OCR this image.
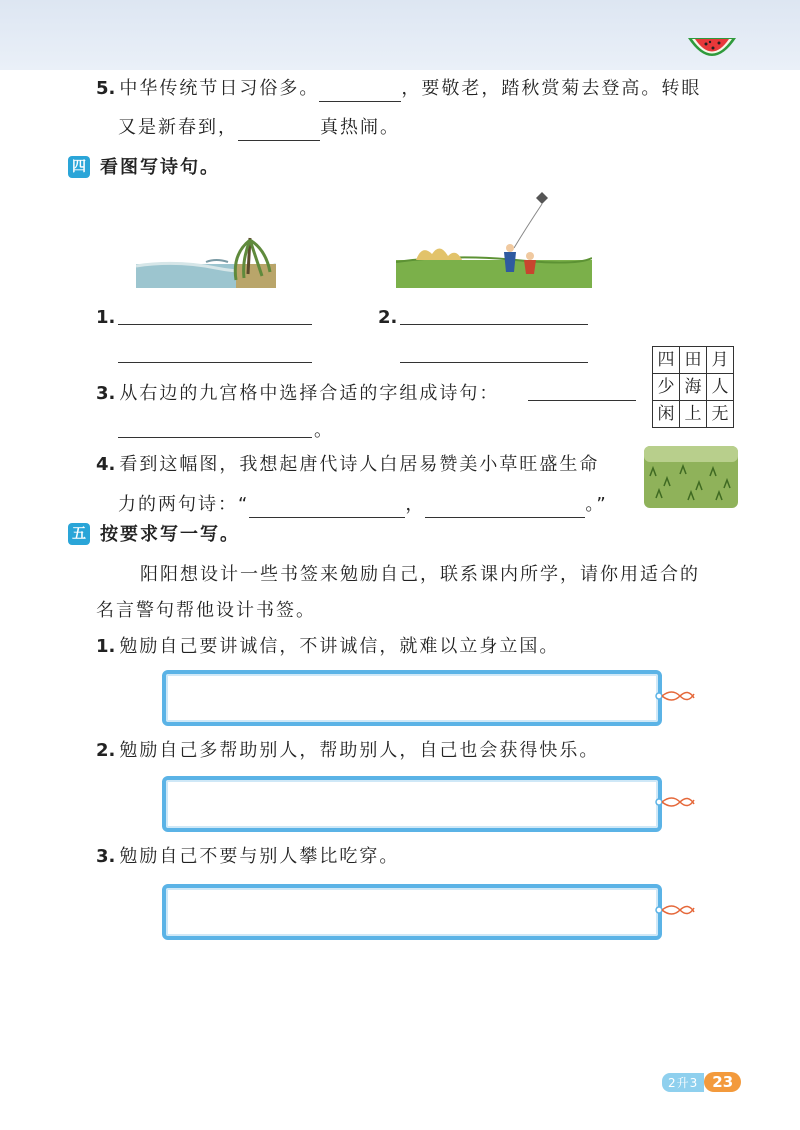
5. 中华传统节日习俗多。	，要敬老，踏秋赏菊去登高。转眼
又是新春到，	真热闹。
四 看图写诗句。
1.	2.
四	田	月
少	海	人
闲	上	无
3. 从右边的九宫格中选择合适的字组成诗句：
。
4. 看到这幅图，我想起唐代诗人白居易赞美小草旺盛生命
力的两句诗：“	，	。”
五 按要求写一写。
阳阳想设计一些书签来勉励自己，联系课内所学，请你用适合的
名言警句帮他设计书签。
1. 勉励自己要讲诚信，不讲诚信，就难以立身立国。
2. 勉励自己多帮助别人，帮助别人，自己也会获得快乐。
3. 勉励自己不要与别人攀比吃穿。
2升3 23
